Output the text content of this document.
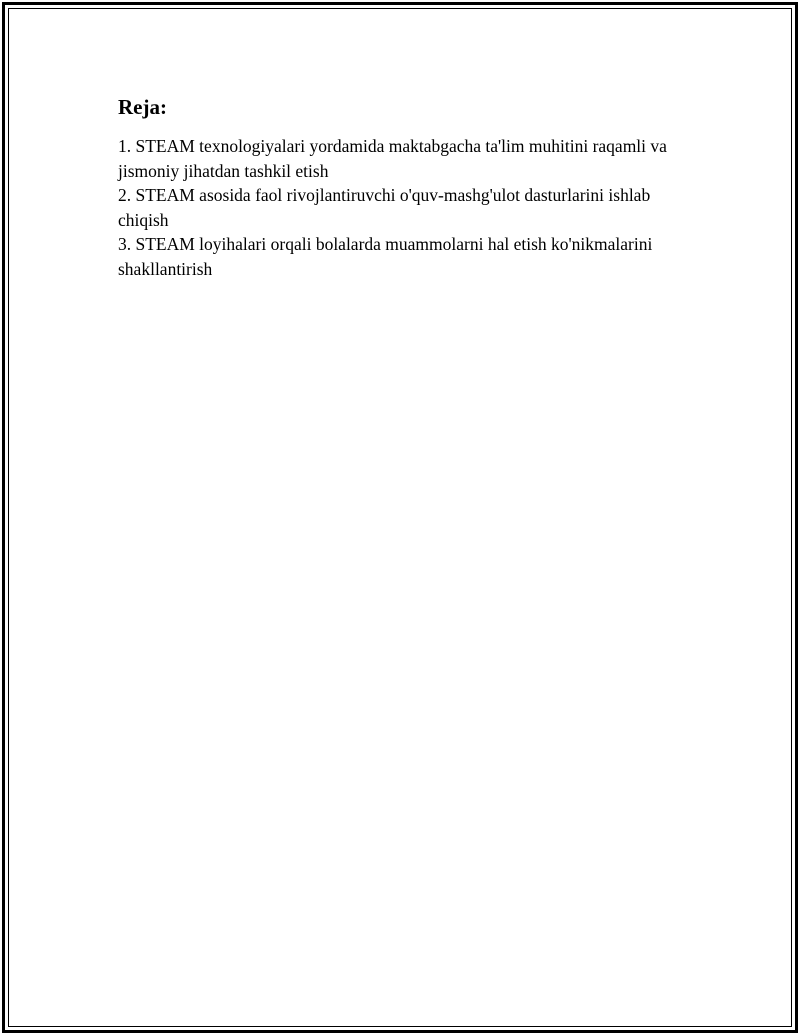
Reja:
1. STEAM texnologiyalari yordamida maktabgacha ta'lim muhitini raqamli va jismoniy jihatdan tashkil etish
2. STEAM asosida faol rivojlantiruvchi o'quv-mashg'ulot dasturlarini ishlab chiqish
3. STEAM loyihalari orqali bolalarda muammolarni hal etish ko'nikmalarini shakllantirish
